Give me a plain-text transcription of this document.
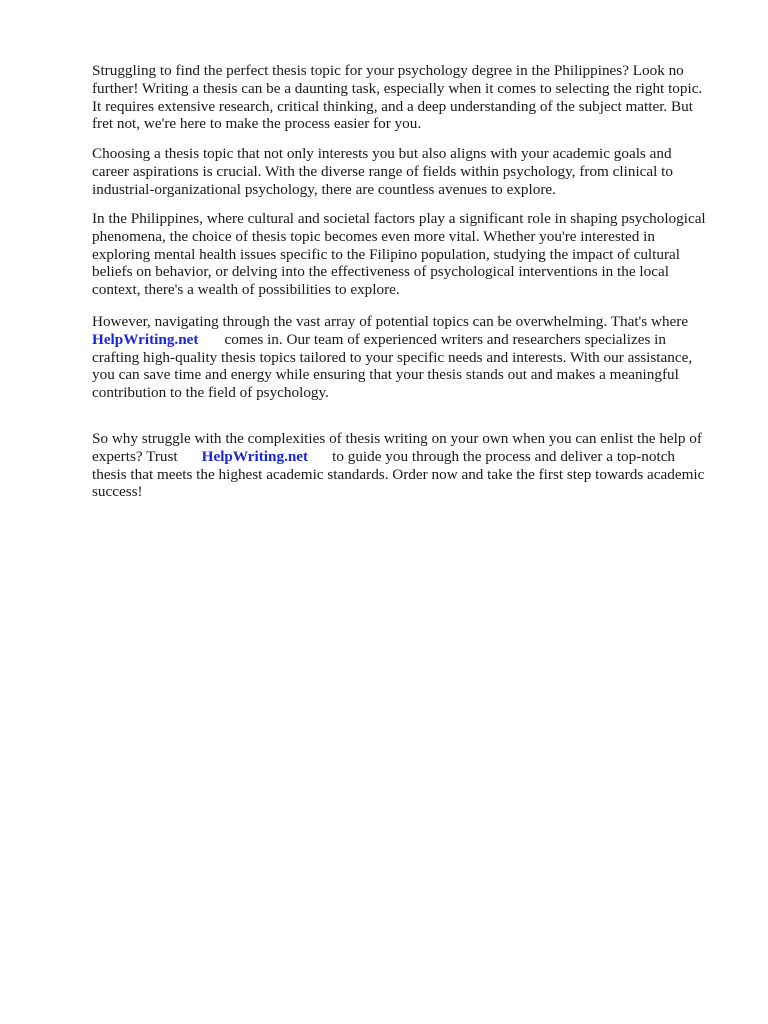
Struggling to find the perfect thesis topic for your psychology degree in the Philippines? Look no
further! Writing a thesis can be a daunting task, especially when it comes to selecting the right topic.
It requires extensive research, critical thinking, and a deep understanding of the subject matter. But
fret not, we're here to make the process easier for you.

Choosing a thesis topic that not only interests you but also aligns with your academic goals and
career aspirations is crucial. With the diverse range of fields within psychology, from clinical to
industrial-organizational psychology, there are countless avenues to explore.

In the Philippines, where cultural and societal factors play a significant role in shaping psychological
phenomena, the choice of thesis topic becomes even more vital. Whether you're interested in
exploring mental health issues specific to the Filipino population, studying the impact of cultural
beliefs on behavior, or delving into the effectiveness of psychological interventions in the local
context, there's a wealth of possibilities to explore.

However, navigating through the vast array of potential topics can be overwhelming. That's where
HelpWriting.net comes in. Our team of experienced writers and researchers specializes in
crafting high-quality thesis topics tailored to your specific needs and interests. With our assistance,
you can save time and energy while ensuring that your thesis stands out and makes a meaningful
contribution to the field of psychology.

So why struggle with the complexities of thesis writing on your own when you can enlist the help of
experts? Trust HelpWriting.net to guide you through the process and deliver a top-notch
thesis that meets the highest academic standards. Order now and take the first step towards academic
success!
